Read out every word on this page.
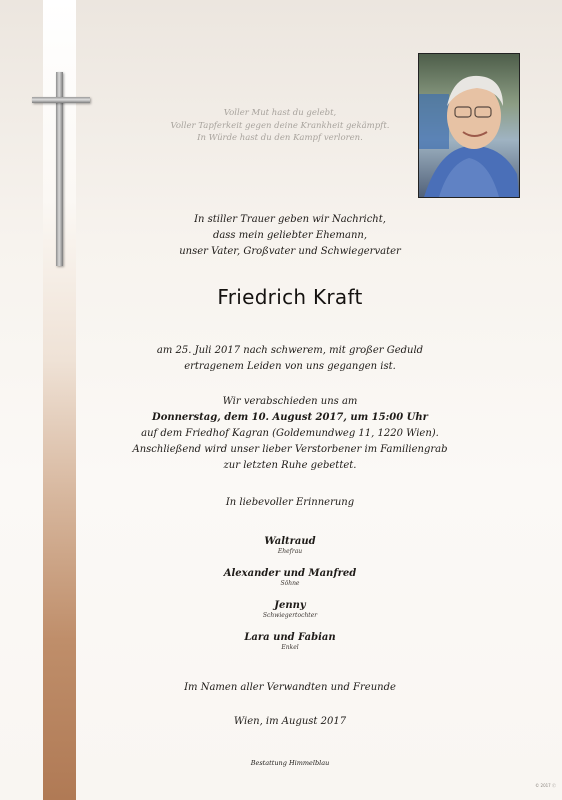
Voller Mut hast du gelebt,
Voller Tapferkeit gegen deine Krankheit gekämpft.
In Würde hast du den Kampf verloren.
In stiller Trauer geben wir Nachricht,
dass mein geliebter Ehemann,
unser Vater, Großvater und Schwiegervater
Friedrich Kraft
am 25. Juli 2017 nach schwerem, mit großer Geduld
ertragenem Leiden von uns gegangen ist.
Wir verabschieden uns am
Donnerstag, dem 10. August 2017, um 15:00 Uhr
auf dem Friedhof Kagran (Goldemundweg 11, 1220 Wien).
Anschließend wird unser lieber Verstorbener im Familiengrab
zur letzten Ruhe gebettet.
In liebevoller Erinnerung
Waltraud
Ehefrau
Alexander und Manfred
Söhne
Jenny
Schwiegertochter
Lara und Fabian
Enkel
Im Namen aller Verwandten und Freunde
Wien, im August 2017
Bestattung Himmelblau
© 2017 Ⓒ
